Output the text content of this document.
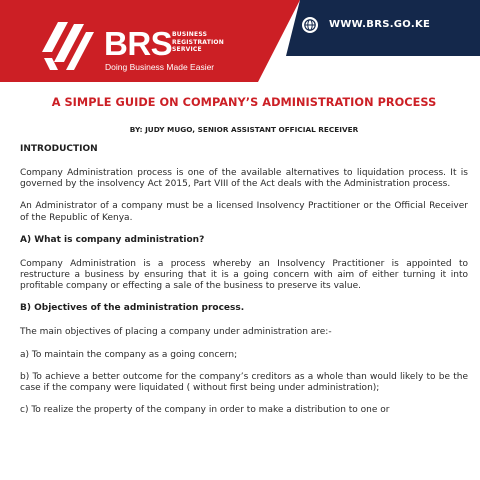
BRS BUSINESS
REGISTRATION
SERVICE
Doing Business Made Easier
WWW.BRS.GO.KE
A SIMPLE GUIDE ON COMPANY’S ADMINISTRATION PROCESS
BY: JUDY MUGO, SENIOR ASSISTANT OFFICIAL RECEIVER
INTRODUCTION

Company Administration process is one of the available alternatives to liquidation process. It is governed by the insolvency Act 2015, Part VIII of the Act deals with the Administration process.

An Administrator of a company must be a licensed Insolvency Practitioner or the Official Receiver of the Republic of Kenya.

A) What is company administration?

Company Administration is a process whereby an Insolvency Practitioner is appointed to restructure a business by ensuring that it is a going concern with aim of either turning it into profitable company or effecting a sale of the business to preserve its value.

B) Objectives of the administration process.

The main objectives of placing a company under administration are:-

a) To maintain the company as a going concern;

b) To achieve a better outcome for the company’s creditors as a whole than would likely to be the case if the company were liquidated ( without first being under administration);

c) To realize the property of the company in order to make a distribution to one or
